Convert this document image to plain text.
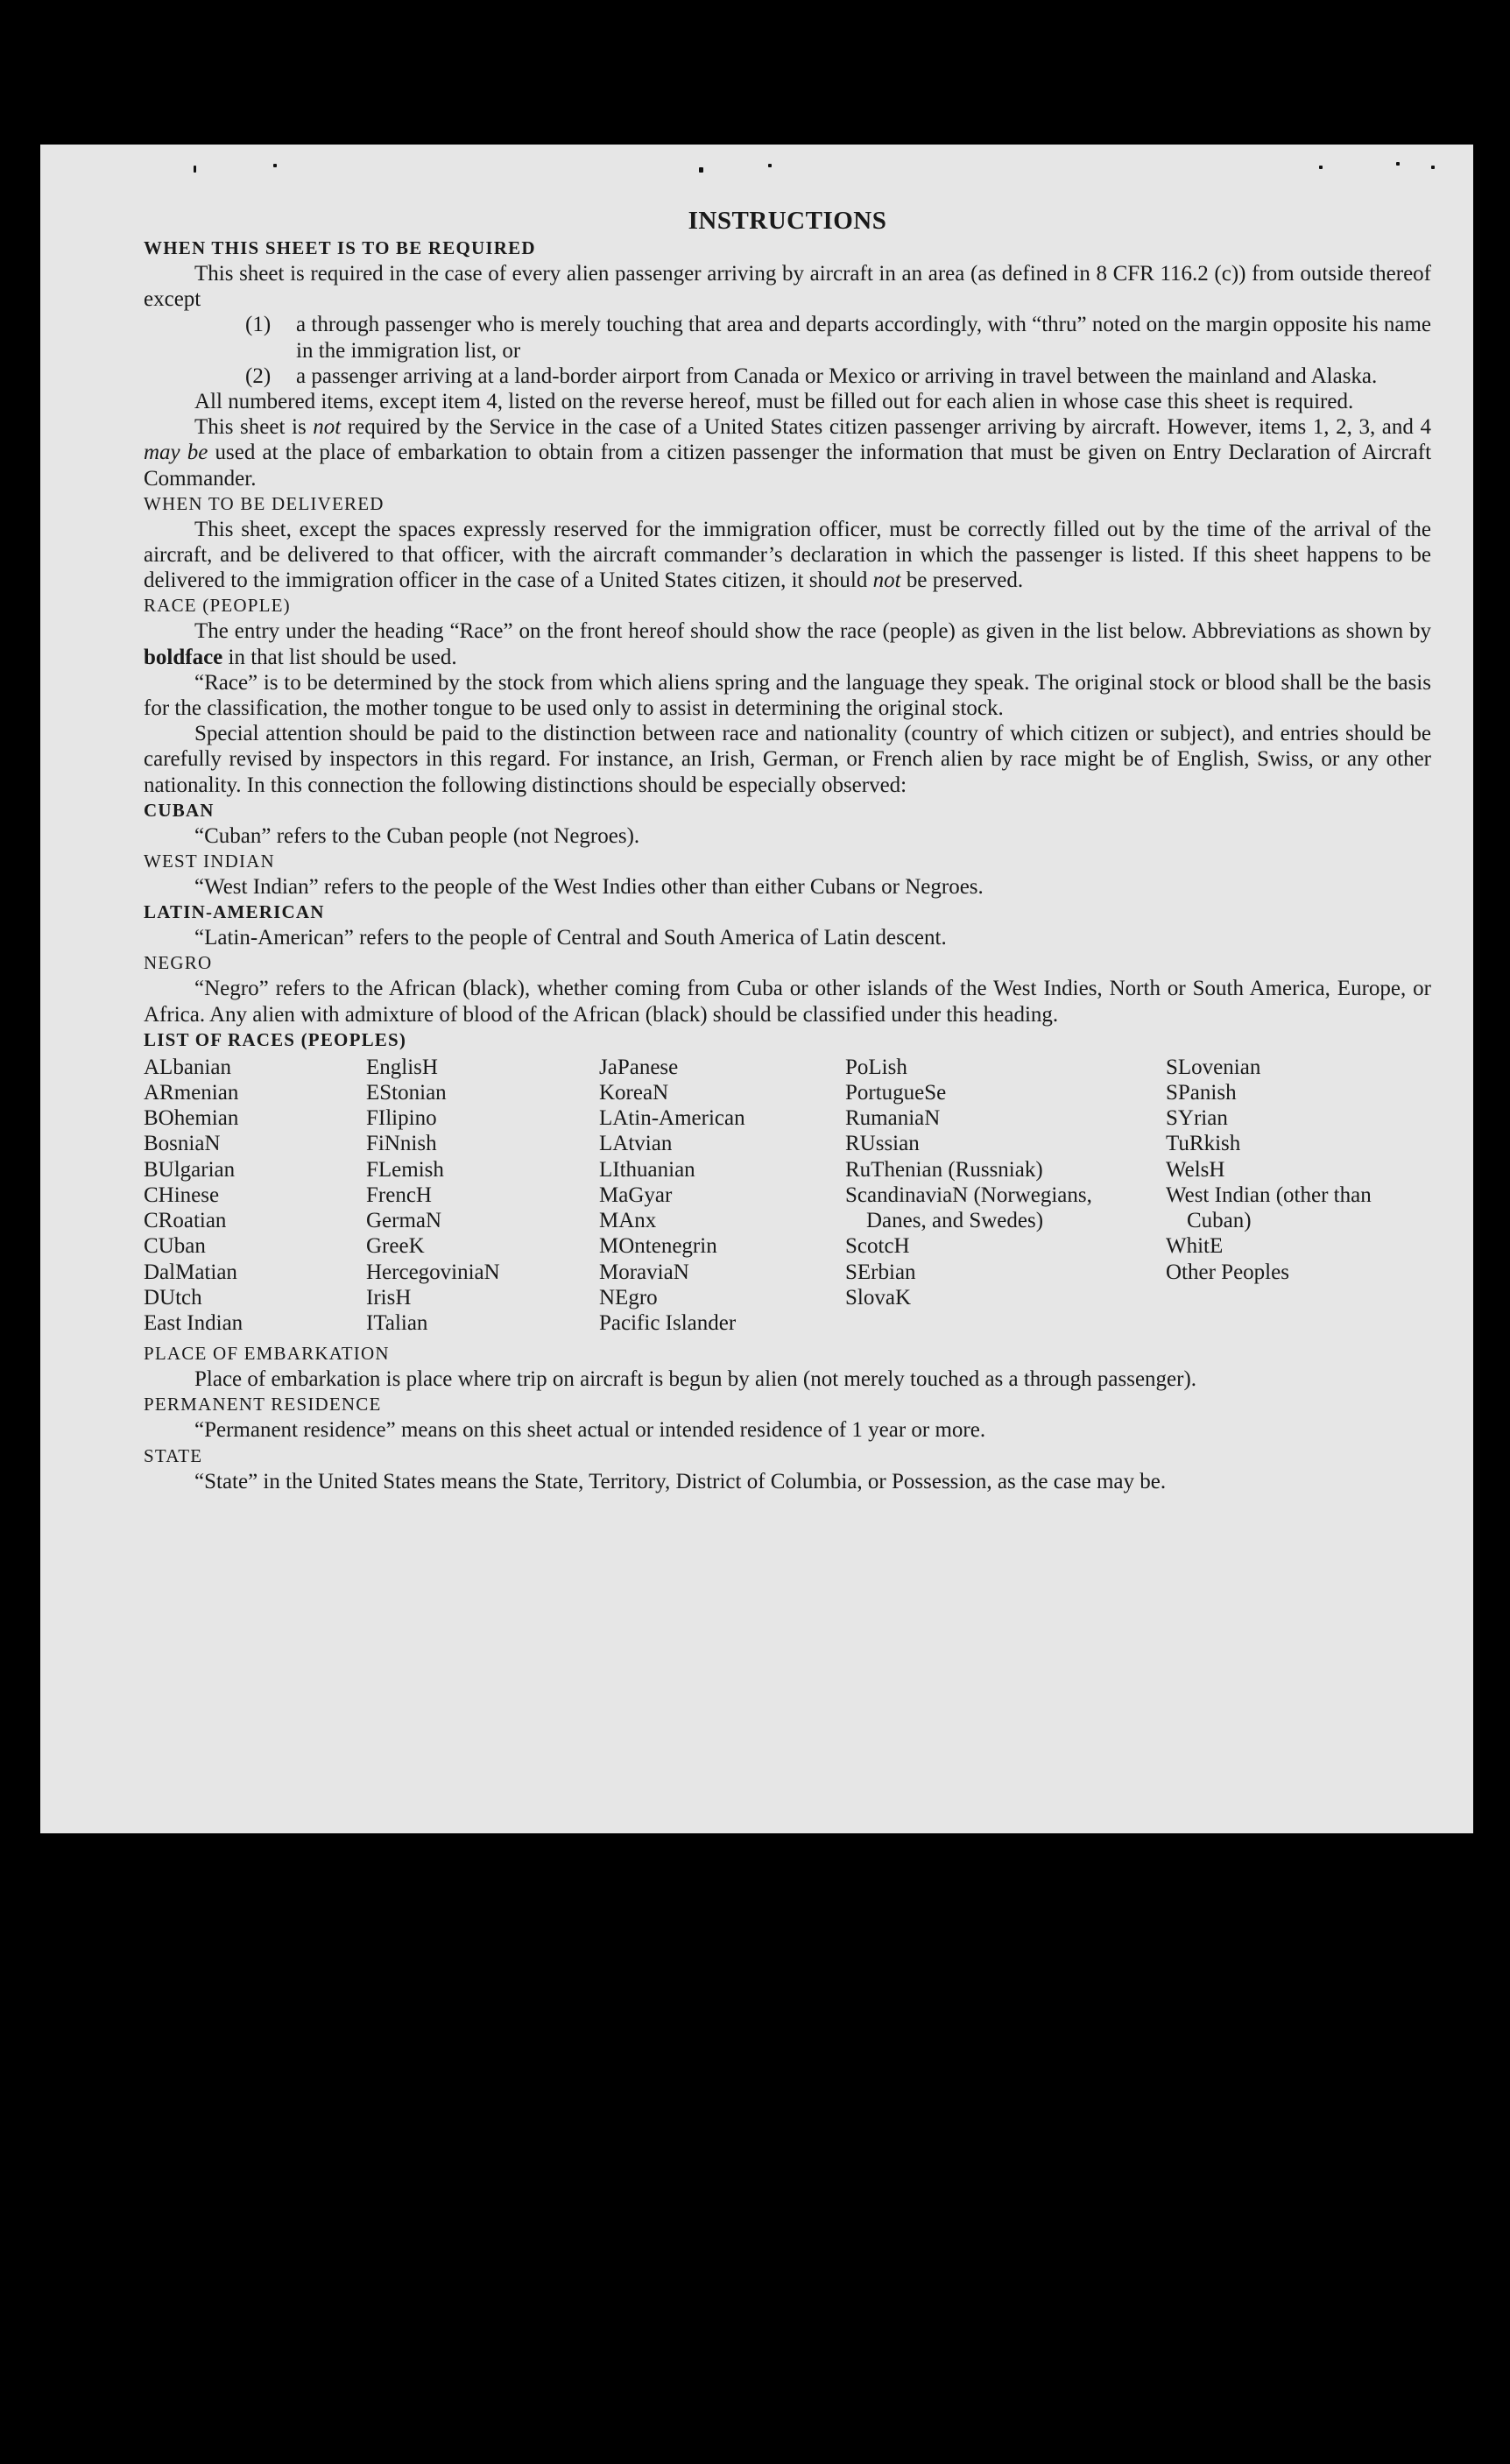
INSTRUCTIONS

WHEN THIS SHEET IS TO BE REQUIRED

This sheet is required in the case of every alien passenger arriving by aircraft in an area (as defined in 8 CFR 116.2 (c)) from outside thereof except

(1) a through passenger who is merely touching that area and departs accordingly, with “thru” noted on the margin opposite his name in the immigration list, or

(2) a passenger arriving at a land-border airport from Canada or Mexico or arriving in travel between the mainland and Alaska.

All numbered items, except item 4, listed on the reverse hereof, must be filled out for each alien in whose case this sheet is required.

This sheet is not required by the Service in the case of a United States citizen passenger arriving by aircraft. However, items 1, 2, 3, and 4 may be used at the place of embarkation to obtain from a citizen passenger the information that must be given on Entry Declaration of Aircraft Commander.

WHEN TO BE DELIVERED

This sheet, except the spaces expressly reserved for the immigration officer, must be correctly filled out by the time of the arrival of the aircraft, and be delivered to that officer, with the aircraft commander’s declaration in which the passenger is listed. If this sheet happens to be delivered to the immigration officer in the case of a United States citizen, it should not be preserved.

RACE (PEOPLE)

The entry under the heading “Race” on the front hereof should show the race (people) as given in the list below. Abbreviations as shown by boldface in that list should be used.

“Race” is to be determined by the stock from which aliens spring and the language they speak. The original stock or blood shall be the basis for the classification, the mother tongue to be used only to assist in determining the original stock.

Special attention should be paid to the distinction between race and nationality (country of which citizen or subject), and entries should be carefully revised by inspectors in this regard. For instance, an Irish, German, or French alien by race might be of English, Swiss, or any other nationality. In this connection the following distinctions should be especially observed:

CUBAN

“Cuban” refers to the Cuban people (not Negroes).

WEST INDIAN

“West Indian” refers to the people of the West Indies other than either Cubans or Negroes.

LATIN-AMERICAN

“Latin-American” refers to the people of Central and South America of Latin descent.

NEGRO

“Negro” refers to the African (black), whether coming from Cuba or other islands of the West Indies, North or South America, Europe, or Africa. Any alien with admixture of blood of the African (black) should be classified under this heading.

LIST OF RACES (PEOPLES)

ALbanian
ARmenian
BOhemian
BosniaN
BUlgarian
CHinese
CRoatian
CUban
DalMatian
DUtch
East Indian
EnglisH
EStonian
FIlipino
FiNnish
FLemish
FrencH
GermaN
GreeK
HercegoviniaN
IrisH
ITalian
JaPanese
KoreaN
LAtin-American
LAtvian
LIthuanian
MaGyar
MAnx
MOntenegrin
MoraviaN
NEgro
Pacific Islander
PoLish
PortugueSe
RumaniaN
RUssian
RuThenian (Russniak)
ScandinaviaN (Norwegians, Danes, and Swedes)
ScotcH
SErbian
SlovaK
SLovenian
SPanish
SYrian
TuRkish
WelsH
West Indian (other than Cuban)
WhitE
Other Peoples

PLACE OF EMBARKATION

Place of embarkation is place where trip on aircraft is begun by alien (not merely touched as a through passenger).

PERMANENT RESIDENCE

“Permanent residence” means on this sheet actual or intended residence of 1 year or more.

STATE

“State” in the United States means the State, Territory, District of Columbia, or Possession, as the case may be.
